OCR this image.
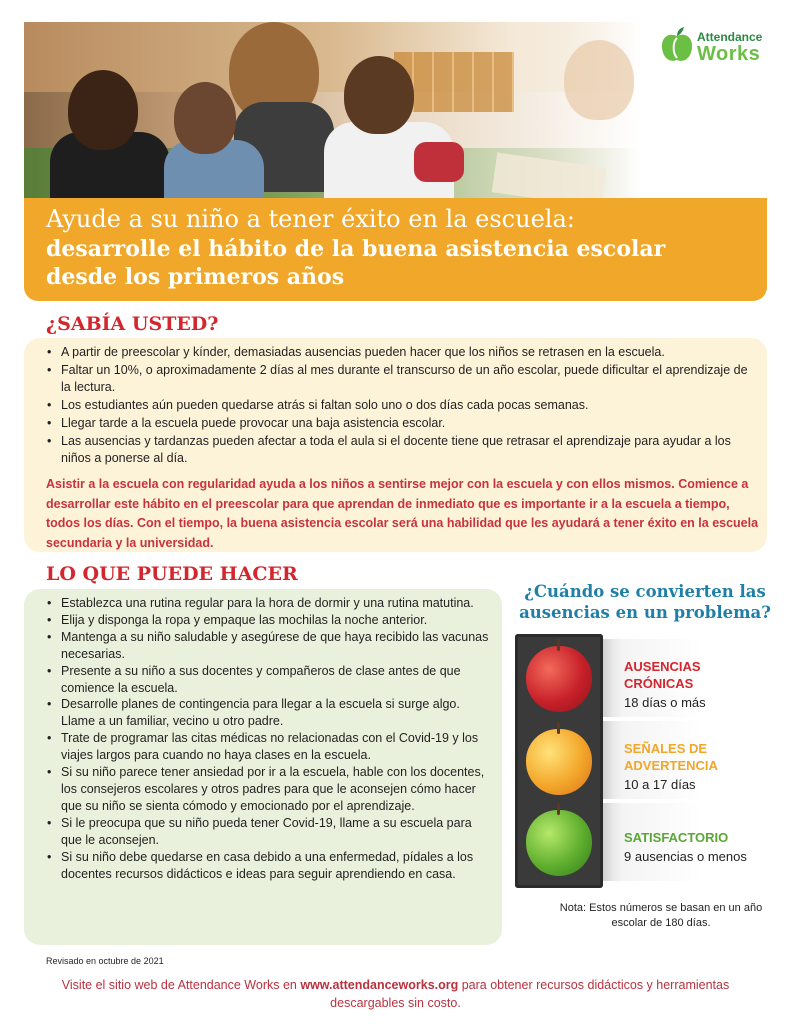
Attendance
Works
Ayude a su niño a tener éxito en la escuela:
desarrolle el hábito de la buena asistencia escolar
desde los primeros años
¿SABÍA USTED?
• A partir de preescolar y kínder, demasiadas ausencias pueden hacer que los niños se retrasen en la escuela.
• Faltar un 10%, o aproximadamente 2 días al mes durante el transcurso de un año escolar, puede dificultar el aprendizaje de la lectura.
• Los estudiantes aún pueden quedarse atrás si faltan solo uno o dos días cada pocas semanas.
• Llegar tarde a la escuela puede provocar una baja asistencia escolar.
• Las ausencias y tardanzas pueden afectar a toda el aula si el docente tiene que retrasar el aprendizaje para ayudar a los niños a ponerse al día.

Asistir a la escuela con regularidad ayuda a los niños a sentirse mejor con la escuela y con ellos mismos. Comience a desarrollar este hábito en el preescolar para que aprendan de inmediato que es importante ir a la escuela a tiempo, todos los días. Con el tiempo, la buena asistencia escolar será una habilidad que les ayudará a tener éxito en la escuela secundaria y la universidad.

LO QUE PUEDE HACER
• Establezca una rutina regular para la hora de dormir y una rutina matutina.
• Elija y disponga la ropa y empaque las mochilas la noche anterior.
• Mantenga a su niño saludable y asegúrese de que haya recibido las vacunas necesarias.
• Presente a su niño a sus docentes y compañeros de clase antes de que comience la escuela.
• Desarrolle planes de contingencia para llegar a la escuela si surge algo. Llame a un familiar, vecino u otro padre.
• Trate de programar las citas médicas no relacionadas con el Covid-19 y los viajes largos para cuando no haya clases en la escuela.
• Si su niño parece tener ansiedad por ir a la escuela, hable con los docentes, los consejeros escolares y otros padres para que le aconsejen cómo hacer que su niño se sienta cómodo y emocionado por el aprendizaje.
• Si le preocupa que su niño pueda tener Covid-19, llame a su escuela para que le aconsejen.
• Si su niño debe quedarse en casa debido a una enfermedad, pídales a los docentes recursos didácticos e ideas para seguir aprendiendo en casa.
¿Cuándo se convierten las ausencias en un problema?
AUSENCIAS
CRÓNICAS
18 días o más
SEÑALES DE
ADVERTENCIA
10 a 17 días
SATISFACTORIO
9 ausencias o menos
Nota: Estos números se basan en un año escolar de 180 días.
Revisado en octubre de 2021
Visite el sitio web de Attendance Works en www.attendanceworks.org para obtener recursos didácticos y herramientas descargables sin costo.
